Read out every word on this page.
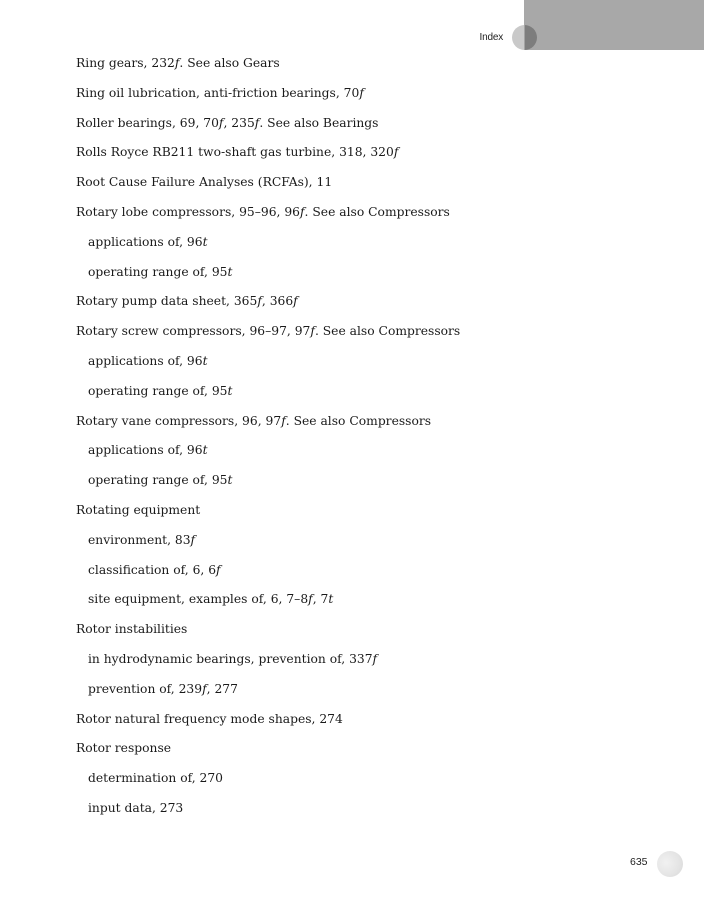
Index
Ring gears, 232f. See also Gears
Ring oil lubrication, anti-friction bearings, 70f
Roller bearings, 69, 70f, 235f. See also Bearings
Rolls Royce RB211 two-shaft gas turbine, 318, 320f
Root Cause Failure Analyses (RCFAs), 11
Rotary lobe compressors, 95–96, 96f. See also Compressors
applications of, 96t
operating range of, 95t
Rotary pump data sheet, 365f, 366f
Rotary screw compressors, 96–97, 97f. See also Compressors
applications of, 96t
operating range of, 95t
Rotary vane compressors, 96, 97f. See also Compressors
applications of, 96t
operating range of, 95t
Rotating equipment
environment, 83f
classification of, 6, 6f
site equipment, examples of, 6, 7–8f, 7t
Rotor instabilities
in hydrodynamic bearings, prevention of, 337f
prevention of, 239f, 277
Rotor natural frequency mode shapes, 274
Rotor response
determination of, 270
input data, 273
635
